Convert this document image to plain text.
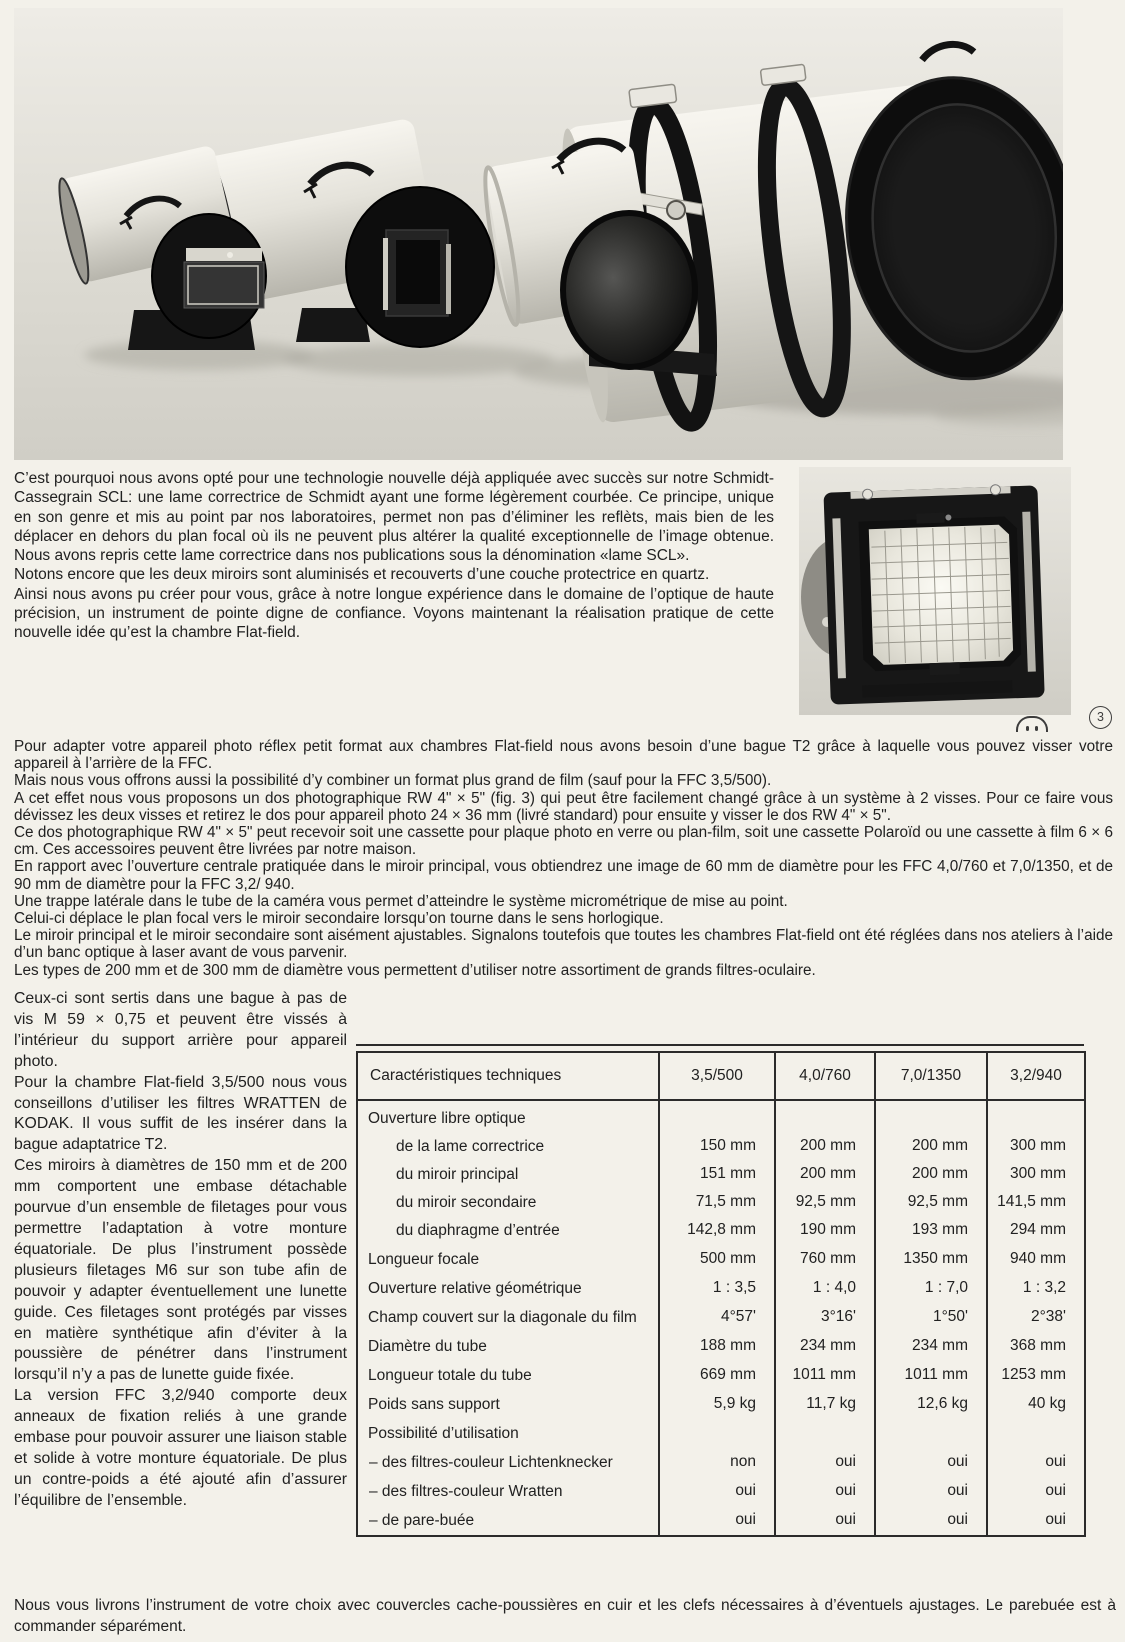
C’est pourquoi nous avons opté pour une technologie nouvelle déjà appliquée avec succès sur notre Schmidt-Cassegrain SCL: une lame correctrice de Schmidt ayant une forme légèrement courbée. Ce principe, unique en son genre et mis au point par nos laboratoires, permet non pas d’éliminer les reflèts, mais bien de les déplacer en dehors du plan focal où ils ne peuvent plus altérer la qualité exceptionnelle de l’image obtenue. Nous avons repris cette lame correctrice dans nos publications sous la dénomination «lame SCL».

Notons encore que les deux miroirs sont aluminisés et recouverts d’une couche protectrice en quartz.

Ainsi nous avons pu créer pour vous, grâce à notre longue expérience dans le domaine de l’optique de haute précision, un instrument de pointe digne de confiance. Voyons maintenant la réalisation pratique de cette nouvelle idée qu’est la chambre Flat-field.

3

Pour adapter votre appareil photo réflex petit format aux chambres Flat-field nous avons besoin d’une bague T2 grâce à laquelle vous pouvez visser votre appareil à l’arrière de la FFC.

Mais nous vous offrons aussi la possibilité d’y combiner un format plus grand de film (sauf pour la FFC 3,5/500).

A cet effet nous vous proposons un dos photographique RW 4" × 5" (fig. 3) qui peut être facilement changé grâce à un système à 2 visses. Pour ce faire vous dévissez les deux visses et retirez le dos pour appareil photo 24 × 36 mm (livré standard) pour ensuite y visser le dos RW 4" × 5".

Ce dos photographique RW 4" × 5" peut recevoir soit une cassette pour plaque photo en verre ou plan-film, soit une cassette Polaroïd ou une cassette à film 6 × 6 cm. Ces accessoires peuvent être livrées par notre maison.

En rapport avec l’ouverture centrale pratiquée dans le miroir principal, vous obtiendrez une image de 60 mm de diamètre pour les FFC 4,0/760 et 7,0/1350, et de 90 mm de diamètre pour la FFC 3,2/ 940.

Une trappe latérale dans le tube de la caméra vous permet d’atteindre le système micrométrique de mise au point.

Celui-ci déplace le plan focal vers le miroir secondaire lorsqu’on tourne dans le sens horlogique.

Le miroir principal et le miroir secondaire sont aisément ajustables. Signalons toutefois que toutes les chambres Flat-field ont été réglées dans nos ateliers à l’aide d’un banc optique à laser avant de vous parvenir.

Les types de 200 mm et de 300 mm de diamètre vous permettent d’utiliser notre assortiment de grands filtres-oculaire.

Ceux-ci sont sertis dans une bague à pas de vis M 59 × 0,75 et peuvent être vissés à l’intérieur du support arrière pour appareil photo.

Pour la chambre Flat-field 3,5/500 nous vous conseillons d’utiliser les filtres WRATTEN de KODAK. Il vous suffit de les insérer dans la bague adaptatrice T2.

Ces miroirs à diamètres de 150 mm et de 200 mm comportent une embase détachable pourvue d’un ensemble de filetages pour vous permettre l’adaptation à votre monture équatoriale. De plus l’instrument possède plusieurs filetages M6 sur son tube afin de pouvoir y adapter éventuellement une lunette guide. Ces filetages sont protégés par visses en matière synthétique afin d’éviter à la poussière de pénétrer dans l’instrument lorsqu’il n’y a pas de lunette guide fixée.

La version FFC 3,2/940 comporte deux anneaux de fixation reliés à une grande embase pour pouvoir assurer une liaison stable et solide à votre monture équatoriale. De plus un contre-poids a été ajouté afin d’assurer l’équilibre de l’ensemble.

Caractéristiques techniques	3,5/500	4,0/760	7,0/1350	3,2/940
Ouverture libre optique				
de la lame correctrice	150 mm	200 mm	200 mm	300 mm
du miroir principal	151 mm	200 mm	200 mm	300 mm
du miroir secondaire	71,5 mm	92,5 mm	92,5 mm	141,5 mm
du diaphragme d’entrée	142,8 mm	190 mm	193 mm	294 mm
Longueur focale	500 mm	760 mm	1350 mm	940 mm
Ouverture relative géométrique	1 : 3,5	1 : 4,0	1 : 7,0	1 : 3,2
Champ couvert sur la diagonale du film	4°57'	3°16'	1°50'	2°38'
Diamètre du tube	188 mm	234 mm	234 mm	368 mm
Longueur totale du tube	669 mm	1011 mm	1011 mm	1253 mm
Poids sans support	5,9 kg	11,7 kg	12,6 kg	40 kg
Possibilité d’utilisation				
– des filtres-couleur Lichtenknecker	non	oui	oui	oui
– des filtres-couleur Wratten	oui	oui	oui	oui
– de pare-buée	oui	oui	oui	oui

Nous vous livrons l’instrument de votre choix avec couvercles cache-poussières en cuir et les clefs nécessaires à d’éventuels ajustages. Le parebuée est à commander séparément.
